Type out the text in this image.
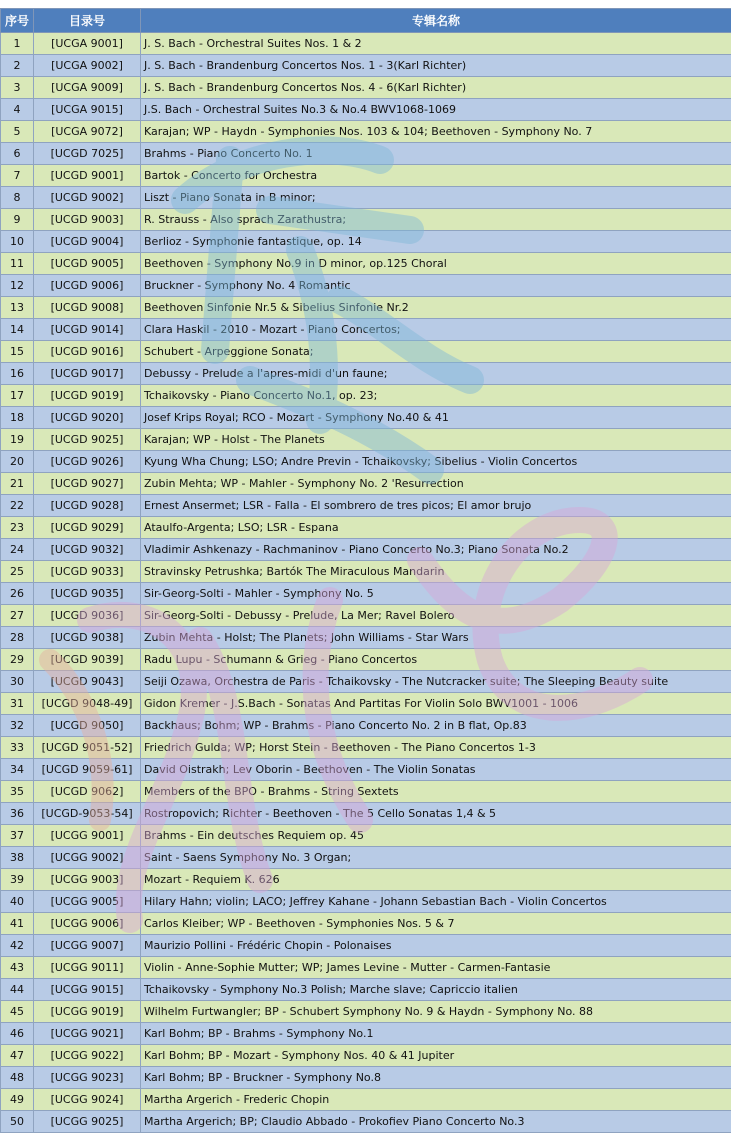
序号	目录号	专辑名称
1	[UCGA 9001]	J. S. Bach - Orchestral Suites Nos. 1 & 2
2	[UCGA 9002]	J. S. Bach - Brandenburg Concertos Nos. 1 - 3(Karl Richter)
3	[UCGA 9009]	J. S. Bach - Brandenburg Concertos Nos. 4 - 6(Karl Richter)
4	[UCGA 9015]	J.S. Bach - Orchestral Suites No.3 & No.4 BWV1068-1069
5	[UCGA 9072]	Karajan; WP - Haydn - Symphonies Nos. 103 & 104; Beethoven - Symphony No. 7
6	[UCGD 7025]	Brahms - Piano Concerto No. 1
7	[UCGD 9001]	Bartok - Concerto for Orchestra
8	[UCGD 9002]	Liszt - Piano Sonata in B minor;
9	[UCGD 9003]	R. Strauss - Also sprach Zarathustra;
10	[UCGD 9004]	Berlioz - Symphonie fantastique, op. 14
11	[UCGD 9005]	Beethoven - Symphony No.9 in D minor, op.125 Choral
12	[UCGD 9006]	Bruckner - Symphony No. 4 Romantic
13	[UCGD 9008]	Beethoven Sinfonie Nr.5 & Sibelius Sinfonie Nr.2
14	[UCGD 9014]	Clara Haskil - 2010 - Mozart - Piano Concertos;
15	[UCGD 9016]	Schubert - Arpeggione Sonata;
16	[UCGD 9017]	Debussy - Prelude a l'apres-midi d'un faune;
17	[UCGD 9019]	Tchaikovsky - Piano Concerto No.1, op. 23;
18	[UCGD 9020]	Josef Krips Royal; RCO - Mozart - Symphony No.40 & 41
19	[UCGD 9025]	Karajan; WP - Holst - The Planets
20	[UCGD 9026]	Kyung Wha Chung; LSO; Andre Previn - Tchaikovsky; Sibelius - Violin Concertos
21	[UCGD 9027]	Zubin Mehta; WP - Mahler - Symphony No. 2 'Resurrection
22	[UCGD 9028]	Ernest Ansermet; LSR - Falla - El sombrero de tres picos; El amor brujo
23	[UCGD 9029]	Ataulfo-Argenta; LSO; LSR - Espana
24	[UCGD 9032]	Vladimir Ashkenazy - Rachmaninov - Piano Concerto No.3; Piano Sonata No.2
25	[UCGD 9033]	Stravinsky Petrushka; Bartók The Miraculous Mandarin
26	[UCGD 9035]	Sir-Georg-Solti - Mahler - Symphony No. 5
27	[UCGD 9036]	Sir-Georg-Solti - Debussy - Prelude, La Mer; Ravel Bolero
28	[UCGD 9038]	Zubin Mehta - Holst; The Planets; John Williams - Star Wars
29	[UCGD 9039]	Radu Lupu - Schumann & Grieg - Piano Concertos
30	[UCGD 9043]	Seiji Ozawa, Orchestra de Paris - Tchaikovsky - The Nutcracker suite; The Sleeping Beauty suite
31	[UCGD 9048-49]	Gidon Kremer - J.S.Bach - Sonatas And Partitas For Violin Solo BWV1001 - 1006
32	[UCGD 9050]	Backhaus; Bohm; WP - Brahms - Piano Concerto No. 2 in B flat, Op.83
33	[UCGD 9051-52]	Friedrich Gulda; WP; Horst Stein - Beethoven - The Piano Concertos 1-3
34	[UCGD 9059-61]	David Oistrakh; Lev Oborin - Beethoven - The Violin Sonatas
35	[UCGD 9062]	Members of the BPO - Brahms - String Sextets
36	[UCGD-9053-54]	Rostropovich; Richter - Beethoven - The 5 Cello Sonatas 1,4 & 5
37	[UCGG 9001]	Brahms - Ein deutsches Requiem op. 45
38	[UCGG 9002]	Saint - Saens Symphony No. 3 Organ;
39	[UCGG 9003]	Mozart - Requiem K. 626
40	[UCGG 9005]	Hilary Hahn; violin; LACO; Jeffrey Kahane - Johann Sebastian Bach - Violin Concertos
41	[UCGG 9006]	Carlos Kleiber; WP - Beethoven - Symphonies Nos. 5 & 7
42	[UCGG 9007]	Maurizio Pollini - Frédéric Chopin - Polonaises
43	[UCGG 9011]	Violin - Anne-Sophie Mutter; WP; James Levine - Mutter - Carmen-Fantasie
44	[UCGG 9015]	Tchaikovsky - Symphony No.3 Polish; Marche slave; Capriccio italien
45	[UCGG 9019]	Wilhelm Furtwangler; BP - Schubert Symphony No. 9 & Haydn - Symphony No. 88
46	[UCGG 9021]	Karl Bohm; BP - Brahms - Symphony No.1
47	[UCGG 9022]	Karl Bohm; BP - Mozart - Symphony Nos. 40 & 41 Jupiter
48	[UCGG 9023]	Karl Bohm; BP - Bruckner - Symphony No.8
49	[UCGG 9024]	Martha Argerich - Frederic Chopin
50	[UCGG 9025]	Martha Argerich; BP; Claudio Abbado - Prokofiev Piano Concerto No.3
